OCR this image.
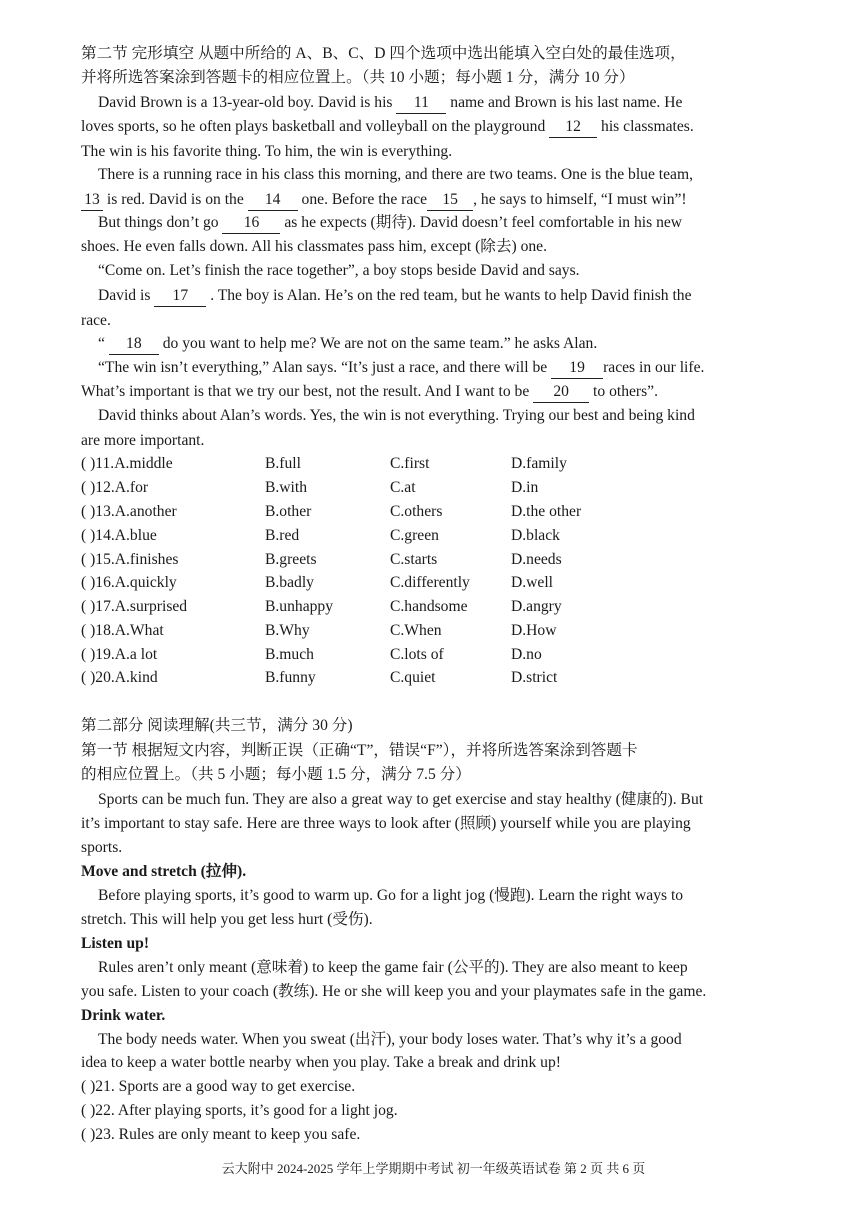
第二节 完形填空 从题中所给的 A、B、C、D 四个选项中选出能填入空白处的最佳选项，
并将所选答案涂到答题卡的相应位置上。（共 10 小题；每小题 1 分，满分 10 分）
David Brown is a 13-year-old boy. David is his 11 name and Brown is his last name. He
loves sports, so he often plays basketball and volleyball on the playground 12 his classmates.
The win is his favorite thing. To him, the win is everything.
There is a running race in his class this morning, and there are two teams. One is the blue team,
13 is red. David is on the 14 one. Before the race 15 , he says to himself, “I must win”!
But things don’t go 16 as he expects (期待). David doesn’t feel comfortable in his new
shoes. He even falls down. All his classmates pass him, except (除去) one.
“Come on. Let’s finish the race together”, a boy stops beside David and says.
David is 17 . The boy is Alan. He’s on the red team, but he wants to help David finish the
race.
“ 18 do you want to help me? We are not on the same team.” he asks Alan.
“The win isn’t everything,” Alan says. “It’s just a race, and there will be 19 races in our life.
What’s important is that we try our best, not the result. And I want to be 20 to others”.
David thinks about Alan’s words. Yes, the win is not everything. Trying our best and being kind
are more important.
( )11.A.middle	B.full	C.first	D.family
( )12.A.for	B.with	C.at	D.in
( )13.A.another	B.other	C.others	D.the other
( )14.A.blue	B.red	C.green	D.black
( )15.A.finishes	B.greets	C.starts	D.needs
( )16.A.quickly	B.badly	C.differently	D.well
( )17.A.surprised	B.unhappy	C.handsome	D.angry
( )18.A.What	B.Why	C.When	D.How
( )19.A.a lot	B.much	C.lots of	D.no
( )20.A.kind	B.funny	C.quiet	D.strict
第二部分 阅读理解(共三节，满分 30 分)
第一节 根据短文内容，判断正误（正确“T”，错误“F”），并将所选答案涂到答题卡
的相应位置上。（共 5 小题；每小题 1.5 分，满分 7.5 分）
Sports can be much fun. They are also a great way to get exercise and stay healthy (健康的). But
it’s important to stay safe. Here are three ways to look after (照顾) yourself while you are playing
sports.
Move and stretch (拉伸).
Before playing sports, it’s good to warm up. Go for a light jog (慢跑). Learn the right ways to
stretch. This will help you get less hurt (受伤).
Listen up!
Rules aren’t only meant (意味着) to keep the game fair (公平的). They are also meant to keep
you safe. Listen to your coach (教练). He or she will keep you and your playmates safe in the game.
Drink water.
The body needs water. When you sweat (出汗), your body loses water. That’s why it’s a good
idea to keep a water bottle nearby when you play. Take a break and drink up!
( )21. Sports are a good way to get exercise.
( )22. After playing sports, it’s good for a light jog.
( )23. Rules are only meant to keep you safe.
云大附中 2024-2025 学年上学期期中考试 初一年级英语试卷 第 2 页 共 6 页
